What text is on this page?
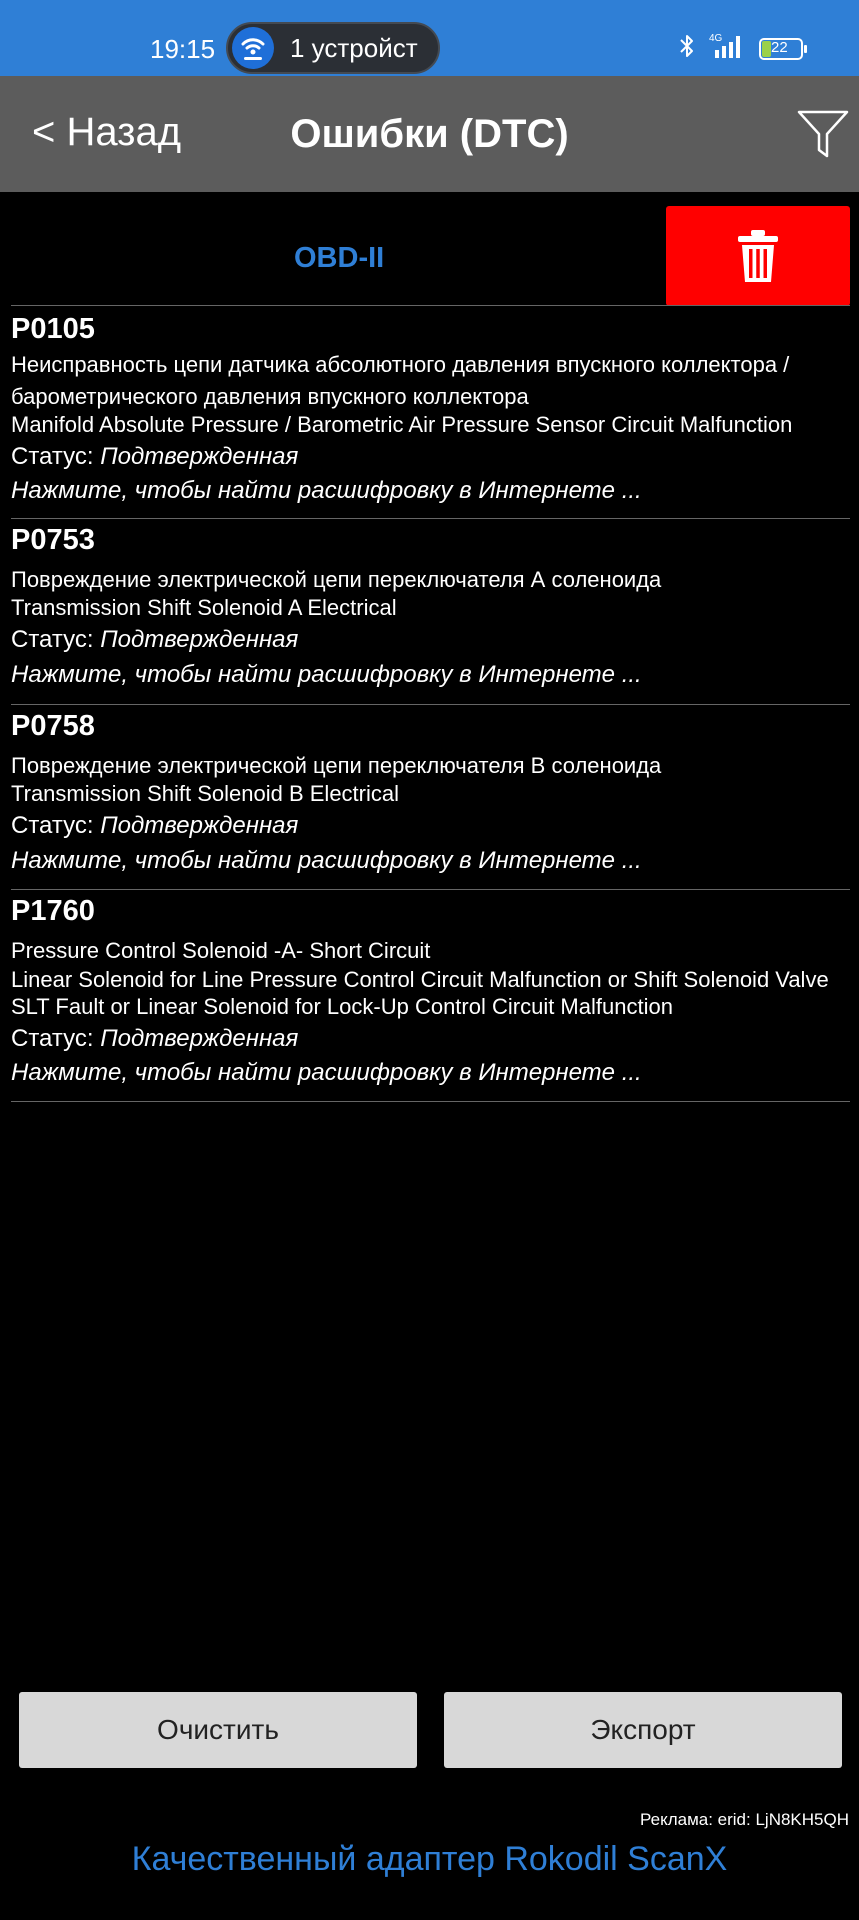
19:15	1 устройст	4G	22
< Назад	Ошибки (DTC)
OBD-II
P0105
Неисправность цепи датчика абсолютного давления впускного коллектора /
барометрического давления впускного коллектора
Manifold Absolute Pressure / Barometric Air Pressure Sensor Circuit Malfunction
Статус: Подтвержденная
Нажмите, чтобы найти расшифровку в Интернете ...
P0753
Повреждение электрической цепи переключателя А соленоида
Transmission Shift Solenoid A Electrical
Статус: Подтвержденная
Нажмите, чтобы найти расшифровку в Интернете ...
P0758
Повреждение электрической цепи переключателя В соленоида
Transmission Shift Solenoid B Electrical
Статус: Подтвержденная
Нажмите, чтобы найти расшифровку в Интернете ...
P1760
Pressure Control Solenoid -A- Short Circuit
Linear Solenoid for Line Pressure Control Circuit Malfunction or Shift Solenoid Valve
SLT Fault or Linear Solenoid for Lock-Up Control Circuit Malfunction
Статус: Подтвержденная
Нажмите, чтобы найти расшифровку в Интернете ...
Очистить	Экспорт
Реклама: erid: LjN8KH5QH
Качественный адаптер Rokodil ScanX
